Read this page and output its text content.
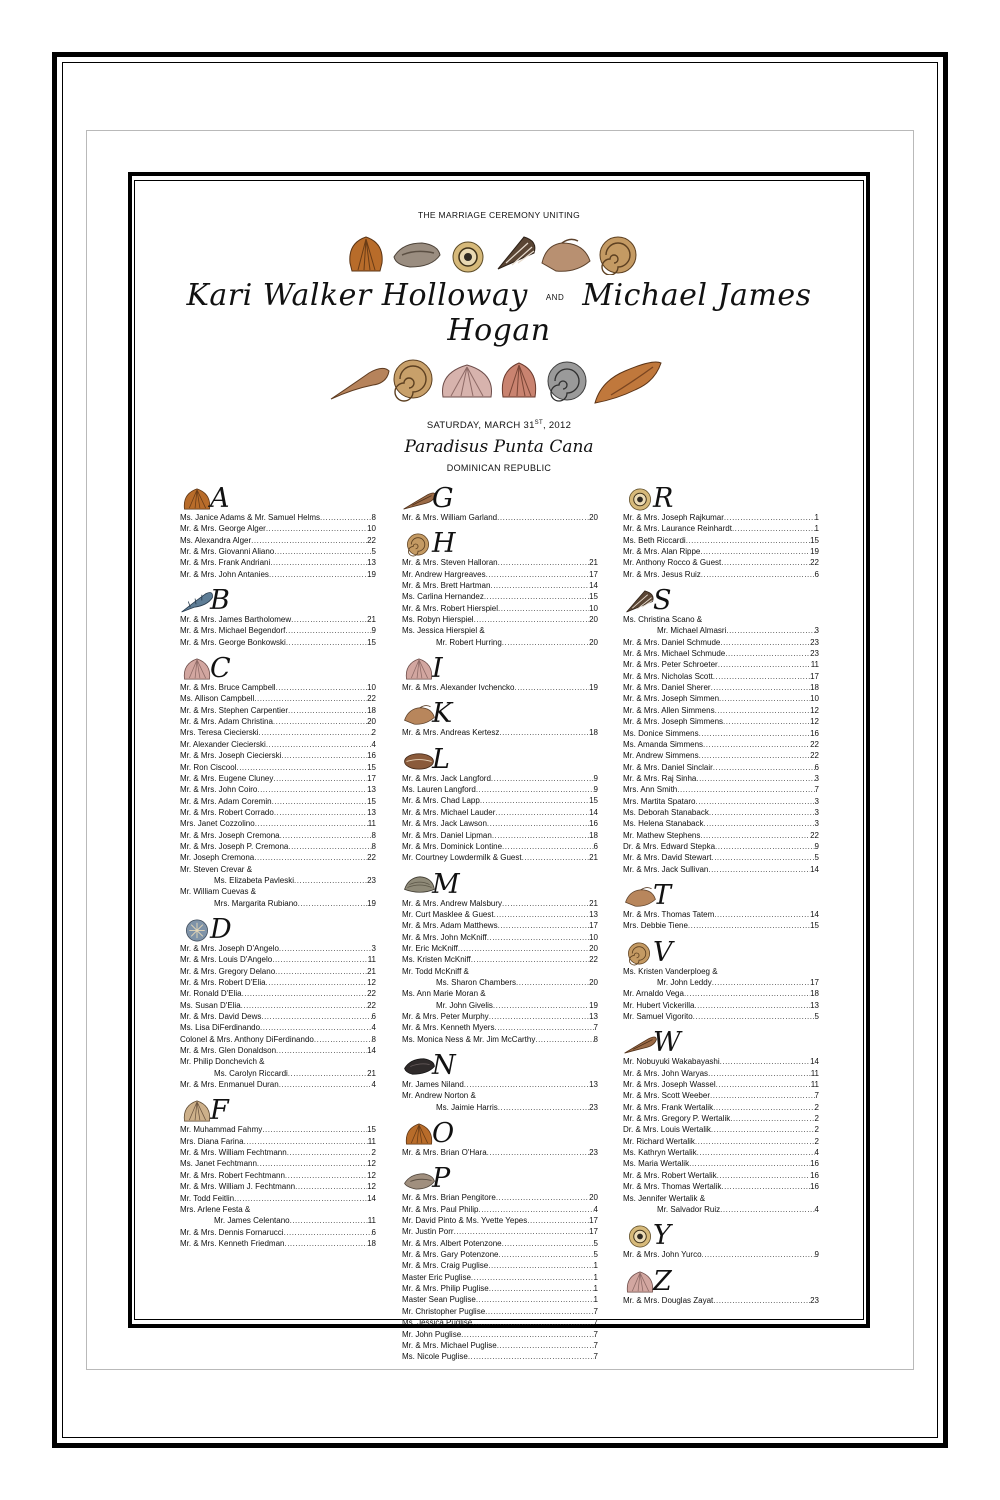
THE MARRIAGE CEREMONY UNITING
Kari Walker Holloway AND Michael James Hogan
SATURDAY, MARCH 31ST, 2012
Paradisus Punta Cana
DOMINICAN REPUBLIC
A
Ms. Janice Adams & Mr. Samuel Helms .....	8
Mr. & Mrs. George Alger .....	10
Ms. Alexandra Alger .....	22
Mr. & Mrs. Giovanni Aliano .....	5
Mr. & Mrs. Frank Andriani .....	13
Mr. & Mrs. John Antanies .....	19
B
Mr. & Mrs. James Bartholomew .....	21
Mr. & Mrs. Michael Begendorf .....	9
Mr. & Mrs. George Bonkowski .....	15
C
Mr. & Mrs. Bruce Campbell .....	10
Ms. Allison Campbell .....	22
Mr. & Mrs. Stephen Carpentier .....	18
Mr. & Mrs. Adam Christina .....	20
Mrs. Teresa Ciecierski .....	2
Mr. Alexander Ciecierski .....	4
Mr. & Mrs. Joseph Ciecierski .....	16
Mr. Ron Ciscool .....	15
Mr. & Mrs. Eugene Cluney .....	17
Mr. & Mrs. John Coiro .....	13
Mr. & Mrs. Adam Coremin .....	15
Mr. & Mrs. Robert Corrado .....	13
Mrs. Janet Cozzolino .....	11
Mr. & Mrs. Joseph Cremona .....	8
Mr. & Mrs. Joseph P. Cremona .....	8
Mr. Joseph Cremona .....	22
Mr. Steven Crevar &
Ms. Elizabeta Pavleski .....	23
Mr. William Cuevas &
Mrs. Margarita Rubiano .....	19
D
Mr. & Mrs. Joseph D'Angelo .....	3
Mr. & Mrs. Louis D'Angelo .....	11
Mr. & Mrs. Gregory Delano .....	21
Mr. & Mrs. Robert D'Elia .....	12
Mr. Ronald D'Elia .....	22
Ms. Susan D'Elia .....	22
Mr. & Mrs. David Dews .....	6
Ms. Lisa DiFerdinando .....	4
Colonel & Mrs. Anthony DiFerdinando .....	8
Mr. & Mrs. Glen Donaldson .....	14
Mr. Philip Donchevich &
Ms. Carolyn Riccardi .....	21
Mr. & Mrs. Enmanuel Duran .....	4
F
Mr. Muhammad Fahmy .....	15
Mrs. Diana Farina .....	11
Mr. & Mrs. William Fechtmann .....	2
Ms. Janet Fechtmann .....	12
Mr. & Mrs. Robert Fechtmann .....	12
Mr. & Mrs. William J. Fechtmann .....	12
Mr. Todd Feitlin .....	14
Mrs. Arlene Festa &
Mr. James Celentano .....	11
Mr. & Mrs. Dennis Fornarucci .....	6
Mr. & Mrs. Kenneth Friedman .....	18
G
Mr. & Mrs. William Garland .....	20
H
Mr. & Mrs. Steven Halloran .....	21
Mr. Andrew Hargreaves .....	17
Mr. & Mrs. Brett Hartman .....	14
Ms. Carlina Hernandez .....	15
Mr. & Mrs. Robert Hierspiel .....	10
Ms. Robyn Hierspiel .....	20
Ms. Jessica Hierspiel &
Mr. Robert Hurring .....	20
I
Mr. & Mrs. Alexander Ivchencko .....	19
K
Mr. & Mrs. Andreas Kertesz .....	18
L
Mr. & Mrs. Jack Langford .....	9
Ms. Lauren Langford .....	9
Mr. & Mrs. Chad Lapp .....	15
Mr. & Mrs. Michael Lauder .....	14
Mr. & Mrs. Jack Lawson .....	16
Mr. & Mrs. Daniel Lipman .....	18
Mr. & Mrs. Dominick Lontine .....	6
Mr. Courtney Lowdermilk & Guest .....	21
M
Mr. & Mrs. Andrew Malsbury .....	21
Mr. Curt Masklee & Guest .....	13
Mr. & Mrs. Adam Matthews .....	17
Mr. & Mrs. John McKniff .....	10
Mr. Eric McKniff .....	20
Ms. Kristen McKniff .....	22
Mr. Todd McKniff &
Ms. Sharon Chambers .....	20
Ms. Ann Marie Moran &
Mr. John Givelis .....	19
Mr. & Mrs. Peter Murphy .....	13
Mr. & Mrs. Kenneth Myers .....	7
Ms. Monica Ness & Mr. Jim McCarthy .....	8
N
Mr. James Niland .....	13
Mr. Andrew Norton &
Ms. Jaimie Harris .....	23
O
Mr. & Mrs. Brian O'Hara .....	23
P
Mr. & Mrs. Brian Pengitore .....	20
Mr. & Mrs. Paul Philip .....	4
Mr. David Pinto & Ms. Yvette Yepes .....	17
Mr. Justin Porr .....	17
Mr. & Mrs. Albert Potenzone .....	5
Mr. & Mrs. Gary Potenzone .....	5
Mr. & Mrs. Craig Puglise .....	1
Master Eric Puglise .....	1
Mr. & Mrs. Philip Puglise .....	1
Master Sean Puglise .....	1
Mr. Christopher Puglise .....	7
Ms. Jessica Puglise .....	7
Mr. John Puglise .....	7
Mr. & Mrs. Michael Puglise .....	7
Ms. Nicole Puglise .....	7
R
Mr. & Mrs. Joseph Rajkumar .....	1
Mr. & Mrs. Laurance Reinhardt .....	1
Ms. Beth Riccardi .....	15
Mr. & Mrs. Alan Rippe .....	19
Mr. Anthony Rocco & Guest .....	22
Mr. & Mrs. Jesus Ruiz .....	6
S
Ms. Christina Scano &
Mr. Michael Almasri .....	3
Mr. & Mrs. Daniel Schmude .....	23
Mr. & Mrs. Michael Schmude .....	23
Mr. & Mrs. Peter Schroeter .....	11
Mr. & Mrs. Nicholas Scott .....	17
Mr. & Mrs. Daniel Sherer .....	18
Mr. & Mrs. Joseph Simmen .....	10
Mr. & Mrs. Allen Simmens .....	12
Mr. & Mrs. Joseph Simmens .....	12
Ms. Donice Simmens .....	16
Ms. Amanda Simmens .....	22
Mr. Andrew Simmens .....	22
Mr. & Mrs. Daniel Sinclair .....	6
Mr. & Mrs. Raj Sinha .....	3
Mrs. Ann Smith .....	7
Mrs. Martita Spataro .....	3
Ms. Deborah Stanaback .....	3
Ms. Helena Stanaback .....	3
Mr. Mathew Stephens .....	22
Dr. & Mrs. Edward Stepka .....	9
Mr. & Mrs. David Stewart .....	5
Mr. & Mrs. Jack Sullivan .....	14
T
Mr. & Mrs. Thomas Tatem .....	14
Mrs. Debbie Tiene .....	15
V
Ms. Kristen Vanderploeg &
Mr. John Leddy .....	17
Mr. Arnaldo Vega .....	18
Mr. Hubert Vickerilla .....	13
Mr. Samuel Vigorito .....	5
W
Mr. Nobuyuki Wakabayashi .....	14
Mr. & Mrs. John Waryas .....	11
Mr. & Mrs. Joseph Wassel .....	11
Mr. & Mrs. Scott Weeber .....	7
Mr. & Mrs. Frank Wertalik .....	2
Mr. & Mrs. Gregory P. Wertalik .....	2
Dr. & Mrs. Louis Wertalik .....	2
Mr. Richard Wertalik .....	2
Ms. Kathryn Wertalik .....	4
Ms. Maria Wertalik .....	16
Mr. & Mrs. Robert Wertalik .....	16
Mr. & Mrs. Thomas Wertalik .....	16
Ms. Jennifer Wertalik &
Mr. Salvador Ruiz .....	4
Y
Mr. & Mrs. John Yurco .....	9
Z
Mr. & Mrs. Douglas Zayat .....	23
